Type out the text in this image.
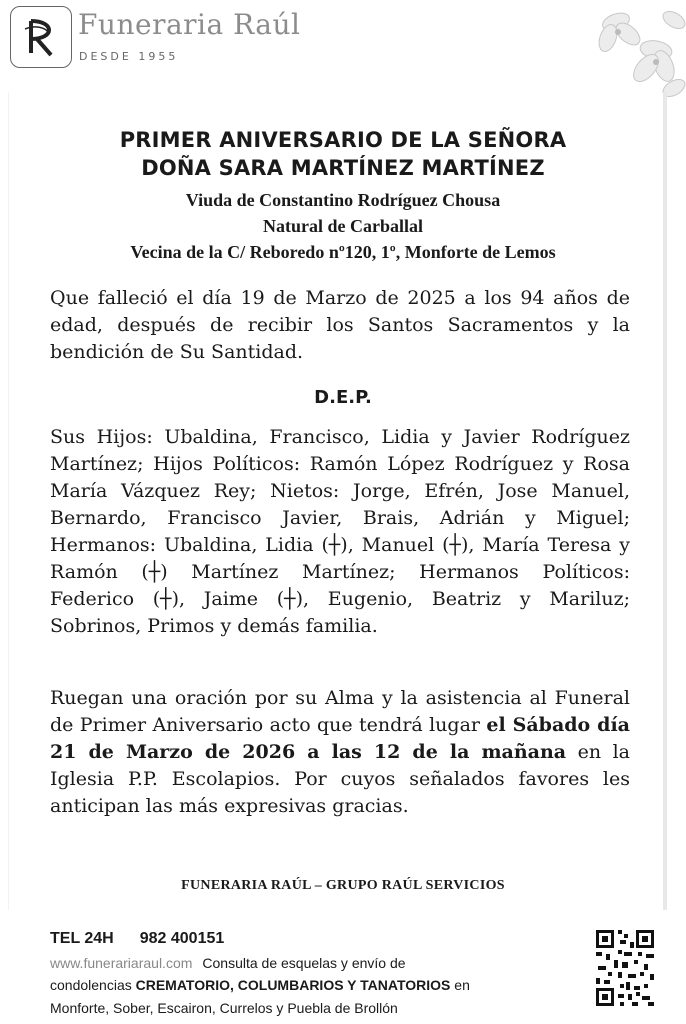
Funeraria Raúl
DESDE 1955
PRIMER ANIVERSARIO DE LA SEÑORA
DOÑA SARA MARTÍNEZ MARTÍNEZ
Viuda de Constantino Rodríguez Chousa
Natural de Carballal
Vecina de la C/ Reboredo nº120, 1º, Monforte de Lemos
Que falleció el día 19 de Marzo de 2025 a los 94 años de edad, después de recibir los Santos Sacramentos y la bendición de Su Santidad.
D.E.P.
Sus Hijos: Ubaldina, Francisco, Lidia y Javier Rodríguez Martínez; Hijos Políticos: Ramón López Rodríguez y Rosa María Vázquez Rey; Nietos: Jorge, Efrén, Jose Manuel, Bernardo, Francisco Javier, Brais, Adrián y Miguel; Hermanos: Ubaldina, Lidia (┼), Manuel (┼), María Teresa y Ramón (┼) Martínez Martínez; Hermanos Políticos: Federico (┼), Jaime (┼), Eugenio, Beatriz y Mariluz; Sobrinos, Primos y demás familia.
Ruegan una oración por su Alma y la asistencia al Funeral de Primer Aniversario acto que tendrá lugar el Sábado día 21 de Marzo de 2026 a las 12 de la mañana en la Iglesia P.P. Escolapios. Por cuyos señalados favores les anticipan las más expresivas gracias.
FUNERARIA RAÚL – GRUPO RAÚL SERVICIOS
TEL 24H 982 400151
www.funerariaraul.com Consulta de esquelas y envío de
condolencias CREMATORIO, COLUMBARIOS Y TANATORIOS en
Monforte, Sober, Escairon, Currelos y Puebla de Brollón
